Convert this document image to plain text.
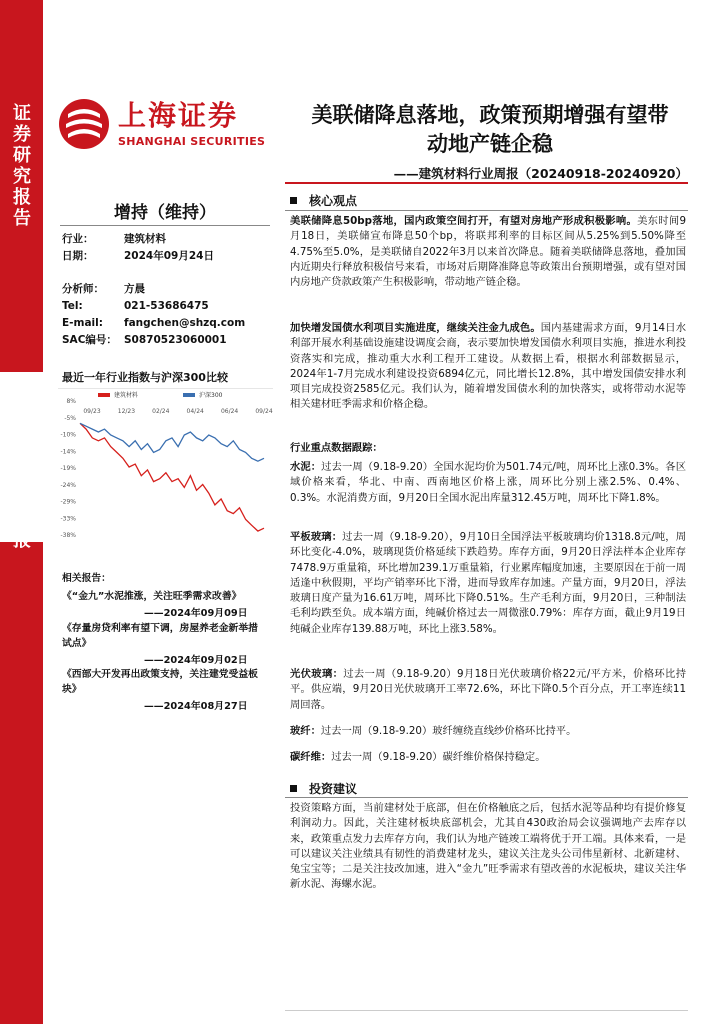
证券研究报告
行业周报
上海证券
SHANGHAI SECURITIES
美联储降息落地，政策预期增强有望带
动地产链企稳
——建筑材料行业周报（20240918-20240920）
增持（维持）
行业：	建筑材料
日期：	2024年09月24日
分析师： 方晨
Tel:	021-53686475
E-mail: fangchen@shzq.com
SAC编号： S0870523060001
最近一年行业指数与沪深300比较
8%
-5%
-10%
-14%
-19%
-24%
-29%
-33%
-38%
09/23	12/23	02/24	04/24	06/24	09/24
建筑材料	沪深300
相关报告：
《“金九”水泥推涨，关注旺季需求改善》
——2024年09月09日
《存量房贷利率有望下调，房屋养老金新举措试点》
——2024年09月02日
《西部大开发再出政策支持，关注建党受益板块》
——2024年08月27日
核心观点
美联储降息50bp落地，国内政策空间打开，有望对房地产形成积极影响。美东时间9月18日，美联储宣布降息50个bp，将联邦利率的目标区间从5.25%到5.50%降至4.75%至5.0%，是美联储自2022年3月以来首次降息。随着美联储降息落地，叠加国内近期央行释放积极信号来看，市场对后期降准降息等政策出台预期增强，或有望对国内房地产贷款政策产生积极影响，带动地产链企稳。
加快增发国债水利项目实施进度，继续关注金九成色。国内基建需求方面，9月14日水利部开展水利基础设施建设调度会商，表示要加快增发国债水利项目实施，推进水利投资落实和完成，推动重大水利工程开工建设。从数据上看，根据水利部数据显示，2024年1-7月完成水利建设投资6894亿元，同比增长12.8%，其中增发国债安排水利项目完成投资2585亿元。我们认为，随着增发国债水利的加快落实，或将带动水泥等相关建材旺季需求和价格企稳。
行业重点数据跟踪：
水泥：过去一周（9.18-9.20）全国水泥均价为501.74元/吨，周环比上涨0.3%。各区域价格来看，华北、中南、西南地区价格上涨，周环比分别上涨2.5%、0.4%、0.3%。水泥消费方面，9月20日全国水泥出库量312.45万吨，周环比下降1.8%。
平板玻璃：过去一周（9.18-9.20），9月10日全国浮法平板玻璃均价1318.8元/吨，周环比变化-4.0%，玻璃现货价格延续下跌趋势。库存方面，9月20日浮法样本企业库存7478.9万重量箱，环比增加239.1万重量箱，行业累库幅度加速，主要原因在于前一周适逢中秋假期，平均产销率环比下滑，进而导致库存加速。产量方面，9月20日，浮法玻璃日度产量为16.61万吨，周环比下降0.51%。生产毛利方面，9月20日，三种制法毛利均跌至负。成本端方面，纯碱价格过去一周微涨0.79%：库存方面，截止9月19日纯碱企业库存139.88万吨，环比上涨3.58%。
光伏玻璃：过去一周（9.18-9.20）9月18日光伏玻璃价格22元/平方米，价格环比持平。供应端，9月20日光伏玻璃开工率72.6%，环比下降0.5个百分点，开工率连续11周回落。
玻纤：过去一周（9.18-9.20）玻纤缠绕直线纱价格环比持平。
碳纤维：过去一周（9.18-9.20）碳纤维价格保持稳定。
投资建议
投资策略方面，当前建材处于底部，但在价格触底之后，包括水泥等品种均有提价修复利润动力。因此，关注建材板块底部机会，尤其自430政治局会议强调地产去库存以来，政策重点发力去库存方向，我们认为地产链竣工端将优于开工端。具体来看，一是可以建议关注业绩具有韧性的消费建材龙头，建议关注龙头公司伟星新材、北新建材、兔宝宝等；二是关注技改加速，进入“金九”旺季需求有望改善的水泥板块，建议关注华新水泥、海螺水泥。
